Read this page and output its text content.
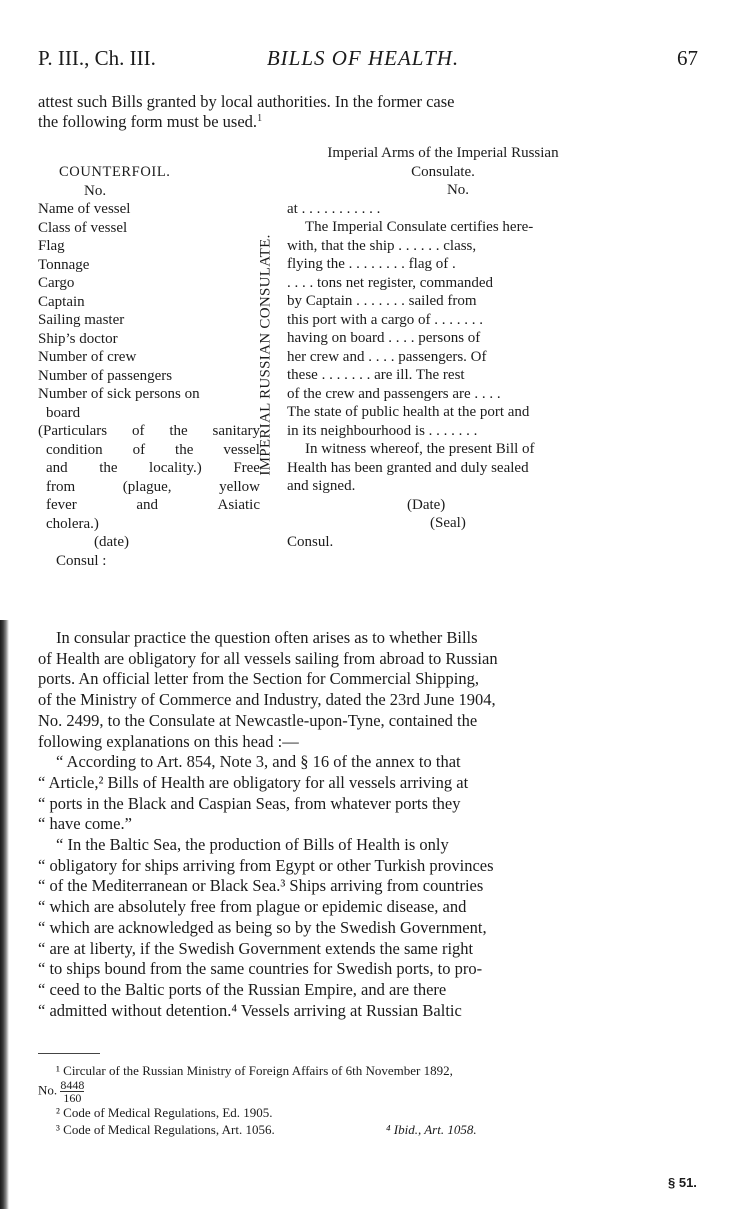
P. III., Ch. III.	BILLS OF HEALTH.	67
attest such Bills granted by local authorities. In the former case
the following form must be used.$^1$
COUNTERFOIL.
No.
Name of vessel
Class of vessel
Flag
Tonnage
Cargo
Captain
Sailing master
Ship’s doctor
Number of crew
Number of passengers
Number of sick persons on
board
(Particulars of the sanitary
condition of the vessel
and the locality.) Free
from	(plague,	yellow
fever	and	Asiatic
cholera.)
(date)
Consul :
IMPERIAL RUSSIAN CONSULATE.
Imperial Arms of the Imperial Russian
Consulate.
No.
at . . . . . . . . . . .
The Imperial Consulate certifies here-
with, that the ship . . . . . . class,
flying the . . . . . . . . flag of .
. . . . tons net register, commanded
by Captain . . . . . . . sailed from
this port with a cargo of . . . . . . .
having on board . . . . persons of
her crew and . . . . passengers. Of
these . . . . . . . are ill. The rest
of the crew and passengers are . . . .
The state of public health at the port and
in its neighbourhood is . . . . . . .
In witness whereof, the present Bill of
Health has been granted and duly sealed
and signed.
(Date)
(Seal)
Consul.
In consular practice the question often arises as to whether Bills
of Health are obligatory for all vessels sailing from abroad to Russian
ports. An official letter from the Section for Commercial Shipping,
of the Ministry of Commerce and Industry, dated the 23rd June 1904,
No. 2499, to the Consulate at Newcastle-upon-Tyne, contained the
following explanations on this head :—
“ According to Art. 854, Note 3, and § 16 of the annex to that
“ Article,² Bills of Health are obligatory for all vessels arriving at
“ ports in the Black and Caspian Seas, from whatever ports they
“ have come.”
“ In the Baltic Sea, the production of Bills of Health is only
“ obligatory for ships arriving from Egypt or other Turkish provinces
“ of the Mediterranean or Black Sea.³ Ships arriving from countries
“ which are absolutely free from plague or epidemic disease, and
“ which are acknowledged as being so by the Swedish Government,
“ are at liberty, if the Swedish Government extends the same right
“ to ships bound from the same countries for Swedish ports, to pro-
“ ceed to the Baltic ports of the Russian Empire, and are there
“ admitted without detention.⁴ Vessels arriving at Russian Baltic
¹ Circular of the Russian Ministry of Foreign Affairs of 6th November 1892,
No. $\frac{8448}{160}$
² Code of Medical Regulations, Ed. 1905.
³ Code of Medical Regulations, Art. 1056.	⁴ Ibid., Art. 1058.
§ 51.
